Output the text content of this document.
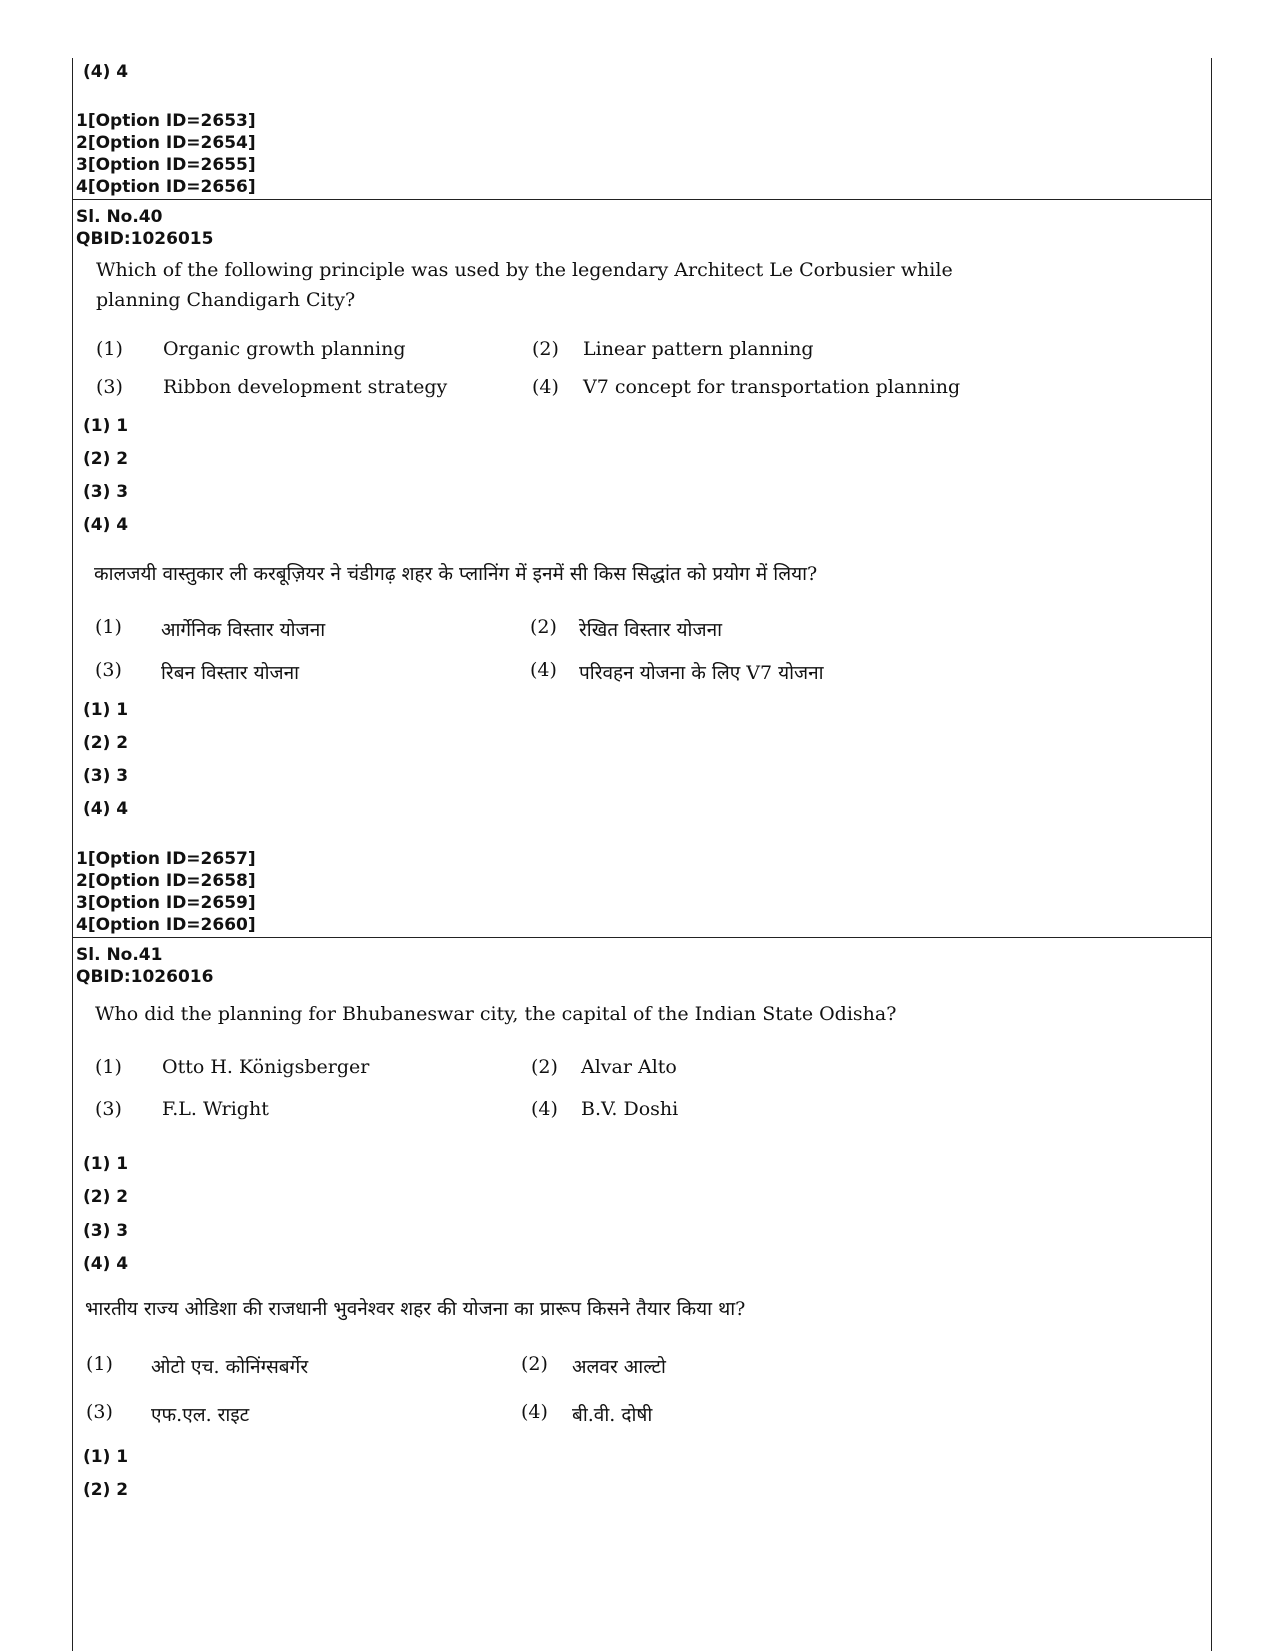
(4) 4
1[Option ID=2653]
2[Option ID=2654]
3[Option ID=2655]
4[Option ID=2656]
Sl. No.40
QBID:1026015
Which of the following principle was used by the legendary Architect Le Corbusier while
planning Chandigarh City?
(1) Organic growth planning	(2) Linear pattern planning
(3) Ribbon development strategy	(4) V7 concept for transportation planning
(1) 1
(2) 2
(3) 3
(4) 4
कालजयी वास्तुकार ली करबूज़ियर ने चंडीगढ़ शहर के प्लानिंग में इनमें सी किस सिद्धांत को प्रयोग में लिया?
(1) आर्गेनिक विस्तार योजना	(2) रेखित विस्तार योजना
(3) रिबन विस्तार योजना	(4) परिवहन योजना के लिए V7 योजना
(1) 1
(2) 2
(3) 3
(4) 4
1[Option ID=2657]
2[Option ID=2658]
3[Option ID=2659]
4[Option ID=2660]
Sl. No.41
QBID:1026016
Who did the planning for Bhubaneswar city, the capital of the Indian State Odisha?
(1) Otto H. Königsberger	(2) Alvar Alto
(3) F.L. Wright	(4) B.V. Doshi
(1) 1
(2) 2
(3) 3
(4) 4
भारतीय राज्य ओडिशा की राजधानी भुवनेश्वर शहर की योजना का प्रारूप किसने तैयार किया था?
(1) ओटो एच. कोनिंग्सबर्गेर	(2) अलवर आल्टो
(3) एफ.एल. राइट	(4) बी.वी. दोषी
(1) 1
(2) 2
